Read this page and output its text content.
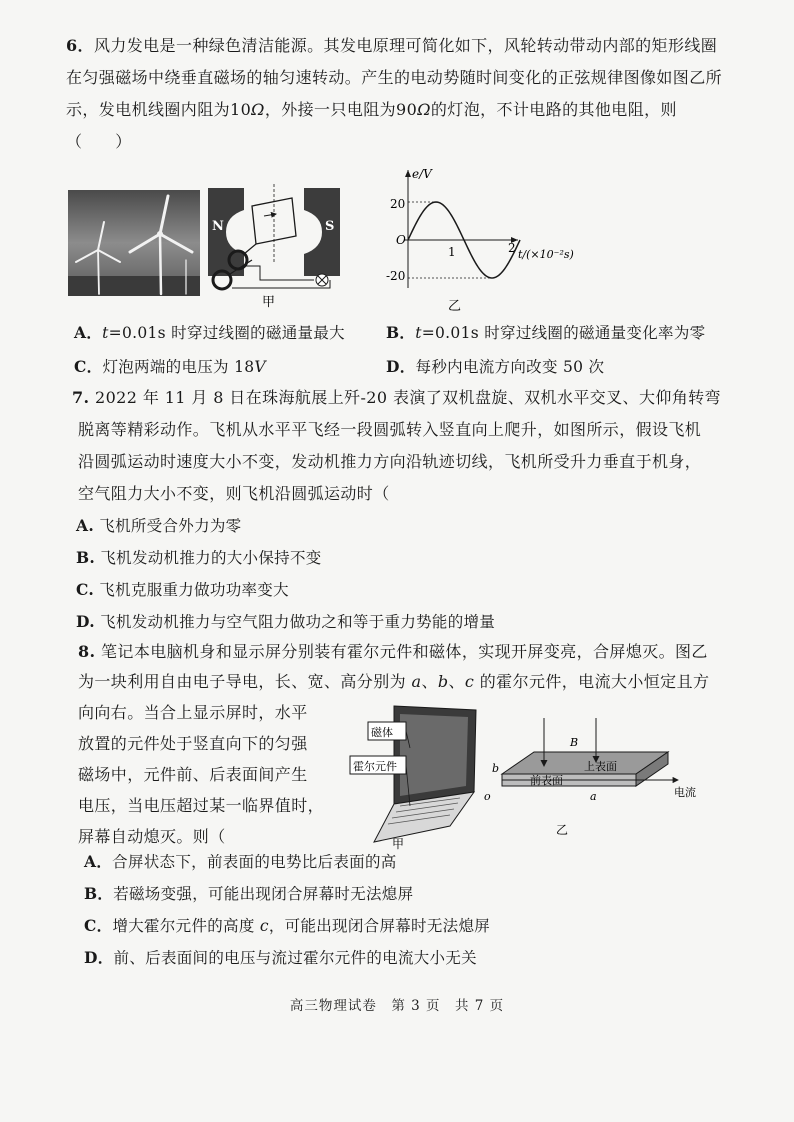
6．风力发电是一种绿色清洁能源。其发电原理可简化如下，风轮转动带动内部的矩形线圈在匀强磁场中绕垂直磁场的轴匀速转动。产生的电动势随时间变化的正弦规律图像如图乙所示，发电机线圈内阻为10Ω，外接一只电阻为90Ω的灯泡，不计电路的其他电阻，则（　　）
N	S
甲
e/V
t/(×10⁻²s)
O
20
-20
1	2
乙
A．t=0.01s 时穿过线圈的磁通量最大	B．t=0.01s 时穿过线圈的磁通量变化率为零
C．灯泡两端的电压为 18V	D．每秒内电流方向改变 50 次
7. 2022 年 11 月 8 日在珠海航展上歼-20 表演了双机盘旋、双机水平交叉、大仰角转弯
脱离等精彩动作。飞机从水平平飞经一段圆弧转入竖直向上爬升，如图所示，假设飞机
沿圆弧运动时速度大小不变，发动机推力方向沿轨迹切线，飞机所受升力垂直于机身，
空气阻力大小不变，则飞机沿圆弧运动时（
A. 飞机所受合外力为零
B. 飞机发动机推力的大小保持不变
C. 飞机克服重力做功功率变大
D. 飞机发动机推力与空气阻力做功之和等于重力势能的增量
8. 笔记本电脑机身和显示屏分别装有霍尔元件和磁体，实现开屏变亮，合屏熄灭。图乙
为一块利用自由电子导电，长、宽、高分别为 a、b、c 的霍尔元件，电流大小恒定且方
向向右。当合上显示屏时，水平
放置的元件处于竖直向下的匀强
磁场中，元件前、后表面间产生
电压，当电压超过某一临界值时，
屏幕自动熄灭。则（
磁体
霍尔元件
甲
B
上表面
前表面
电流
b
o	a
乙
A．合屏状态下，前表面的电势比后表面的高
B．若磁场变强，可能出现闭合屏幕时无法熄屏
C．增大霍尔元件的高度 c，可能出现闭合屏幕时无法熄屏
D．前、后表面间的电压与流过霍尔元件的电流大小无关
高三物理试卷　第 3 页　共 7 页
